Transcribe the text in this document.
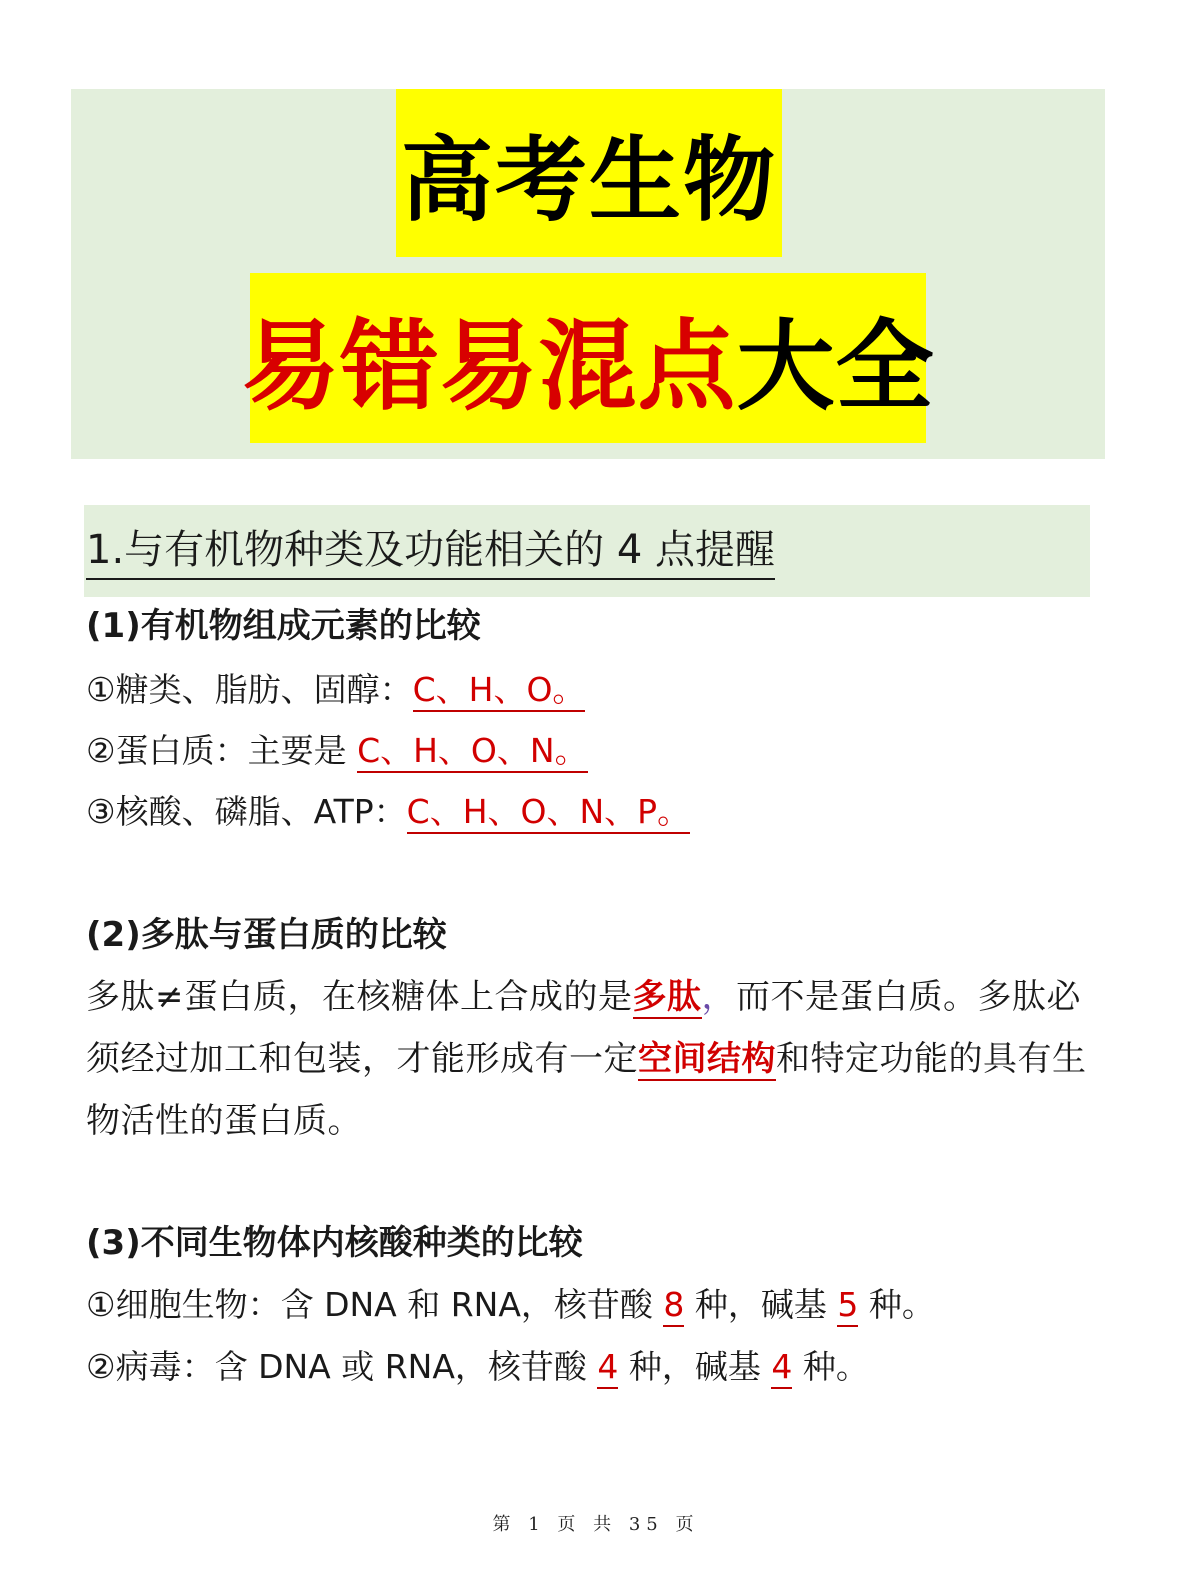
高考生物
易错易混点 大全
1.与有机物种类及功能相关的 4 点提醒
(1)有机物组成元素的比较
①糖类、脂肪、固醇：C、H、O。
②蛋白质：主要是 C、H、O、N。
③核酸、磷脂、ATP：C、H、O、N、P。
(2)多肽与蛋白质的比较
多肽≠蛋白质，在核糖体上合成的是多肽，而不是蛋白质。多肽必须经过加工和包装，才能形成有一定空间结构和特定功能的具有生物活性的蛋白质。
(3)不同生物体内核酸种类的比较
①细胞生物：含 DNA 和 RNA，核苷酸 8 种，碱基 5 种。
②病毒：含 DNA 或 RNA，核苷酸 4 种，碱基 4 种。
第 1 页 共 35 页
